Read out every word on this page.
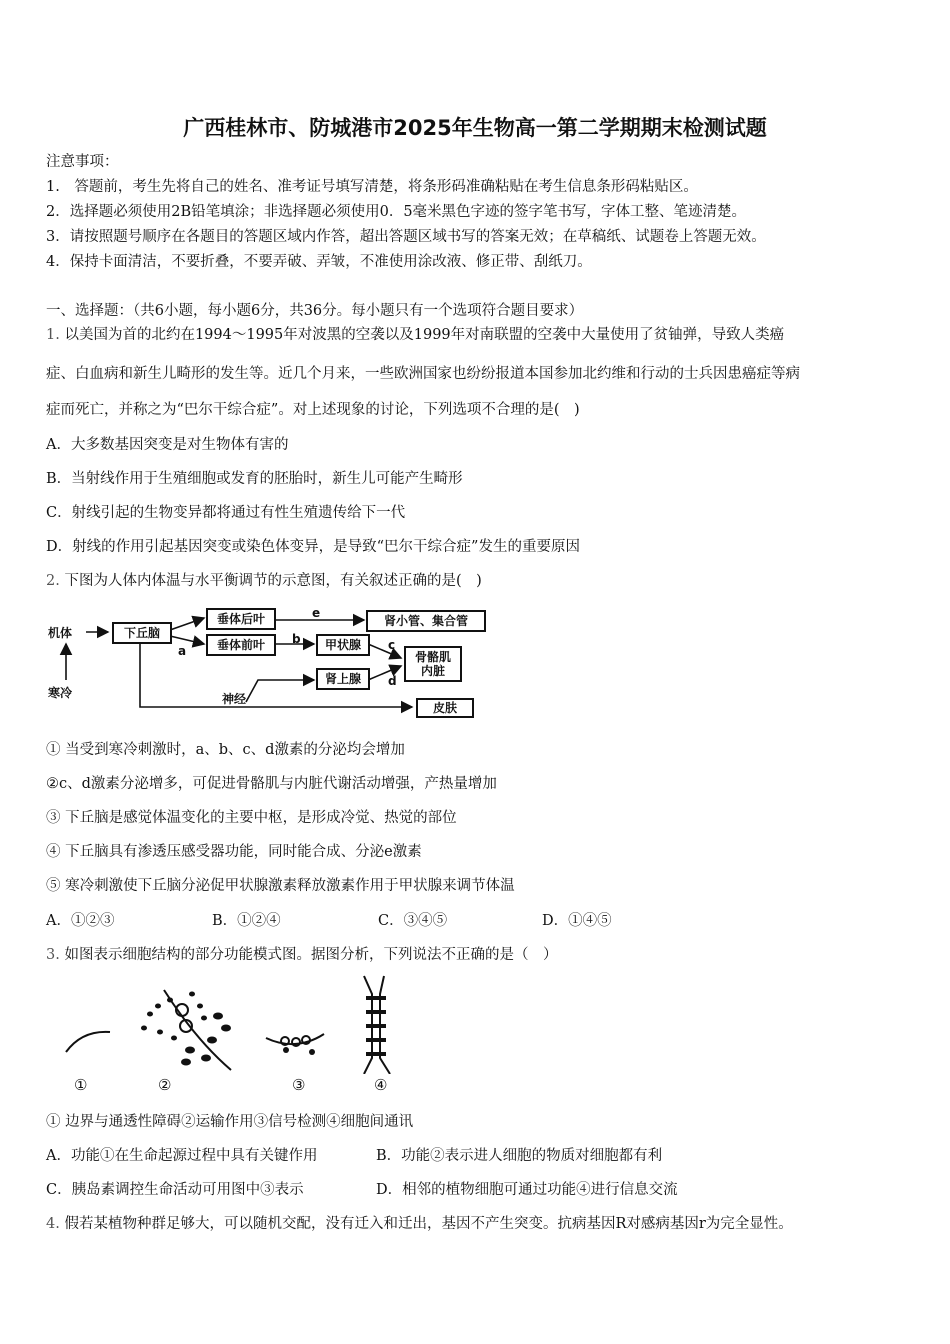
广西桂林市、防城港市2025年生物高一第二学期期末检测试题
注意事项：
1.　答题前，考生先将自己的姓名、准考证号填写清楚，将条形码准确粘贴在考生信息条形码粘贴区。
2．选择题必须使用2B铅笔填涂；非选择题必须使用0．5毫米黑色字迹的签字笔书写，字体工整、笔迹清楚。
3．请按照题号顺序在各题目的答题区域内作答，超出答题区域书写的答案无效；在草稿纸、试题卷上答题无效。
4．保持卡面清洁，不要折叠，不要弄破、弄皱，不准使用涂改液、修正带、刮纸刀。
一、选择题：（共6小题，每小题6分，共36分。每小题只有一个选项符合题目要求）
1. 以美国为首的北约在1994～1995年对波黑的空袭以及1999年对南联盟的空袭中大量使用了贫铀弹，导致人类癌
症、白血病和新生儿畸形的发生等。近几个月来，一些欧洲国家也纷纷报道本国参加北约维和行动的士兵因患癌症等病
症而死亡，并称之为“巴尔干综合症”。对上述现象的讨论，下列选项不合理的是(　)
A．大多数基因突变是对生物体有害的
B．当射线作用于生殖细胞或发育的胚胎时，新生儿可能产生畸形
C．射线引起的生物变异都将通过有性生殖遗传给下一代
D．射线的作用引起基因突变或染色体变异，是导致“巴尔干综合症”发生的重要原因
2. 下图为人体内体温与水平衡调节的示意图，有关叙述正确的是(　)
机体
寒冷
下丘脑
垂体后叶
垂体前叶
肾小管、集合管
甲状腺
肾上腺
骨骼肌
内脏
皮肤
神经
a
b	c
d
e
① 当受到寒冷刺激时，a、b、c、d激素的分泌均会增加
②c、d激素分泌增多，可促进骨骼肌与内脏代谢活动增强，产热量增加
③ 下丘脑是感觉体温变化的主要中枢，是形成冷觉、热觉的部位
④ 下丘脑具有渗透压感受器功能，同时能合成、分泌e激素
⑤ 寒冷刺激使下丘脑分泌促甲状腺激素释放激素作用于甲状腺来调节体温
A．①②③	B．①②④	C．③④⑤	D．①④⑤
3. 如图表示细胞结构的部分功能模式图。据图分析，下列说法不正确的是（　）
①	②	③	④
① 边界与通透性障碍②运输作用③信号检测④细胞间通讯
A．功能①在生命起源过程中具有关键作用	B．功能②表示进人细胞的物质对细胞都有利
C．胰岛素调控生命活动可用图中③表示	D．相邻的植物细胞可通过功能④进行信息交流
4. 假若某植物种群足够大，可以随机交配，没有迁入和迁出，基因不产生突变。抗病基因R对感病基因r为完全显性。
